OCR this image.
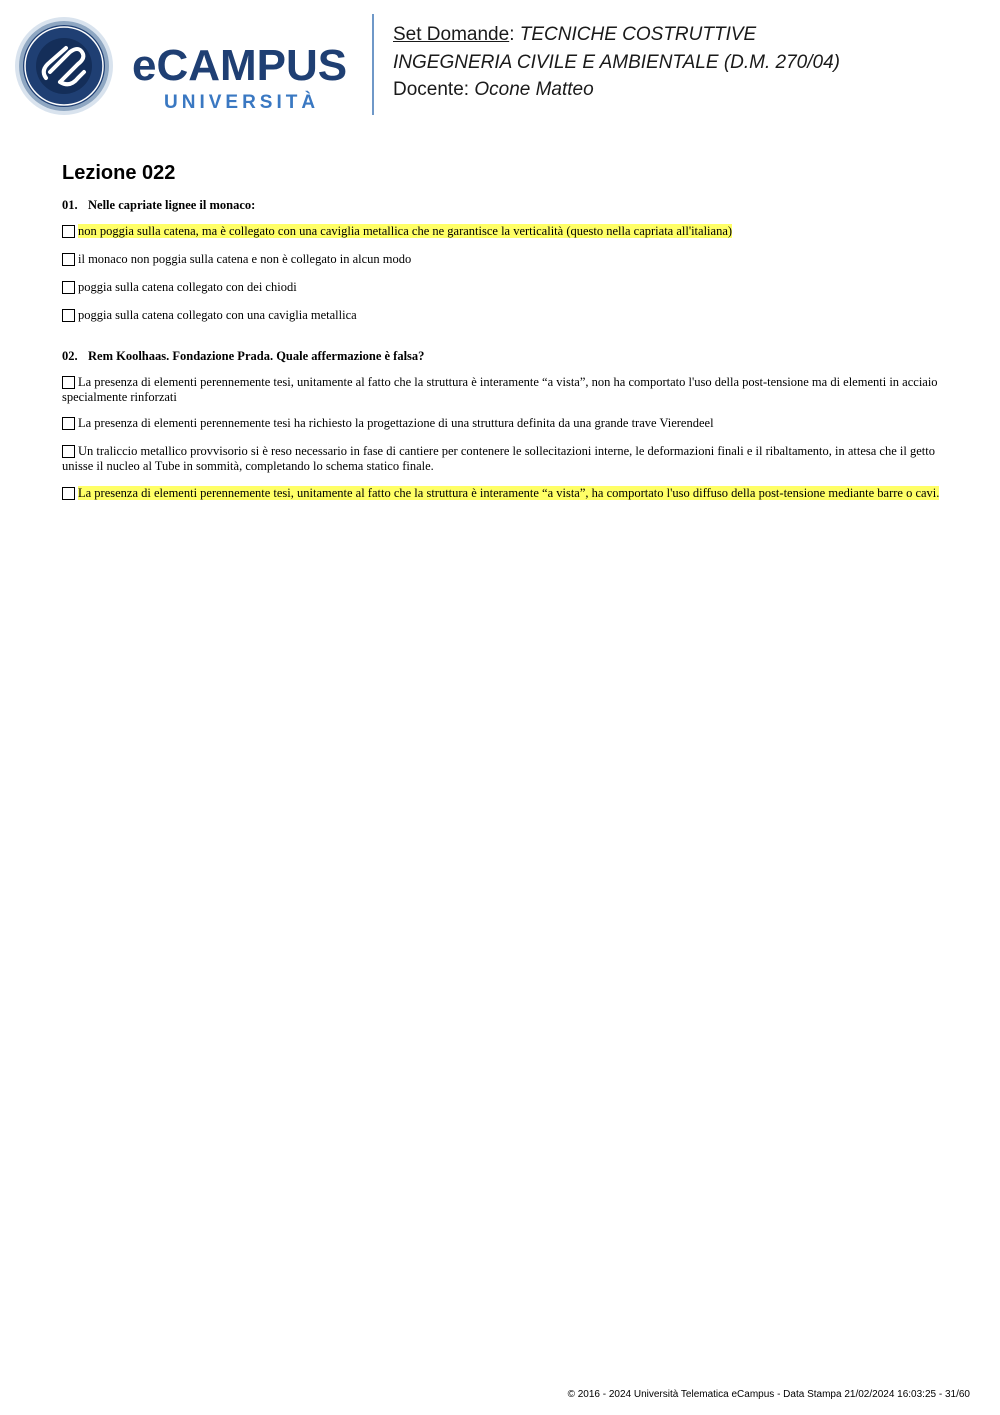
eCAMPUS
UNIVERSITÀ
Set Domande: TECNICHE COSTRUTTIVE
INGEGNERIA CIVILE E AMBIENTALE (D.M. 270/04)
Docente: Ocone Matteo
Lezione 022
01. Nelle capriate lignee il monaco:
non poggia sulla catena, ma è collegato con una caviglia metallica che ne garantisce la verticalità (questo nella capriata all'italiana)
il monaco non poggia sulla catena e non è collegato in alcun modo
poggia sulla catena collegato con dei chiodi
poggia sulla catena collegato con una caviglia metallica
02. Rem Koolhaas. Fondazione Prada. Quale affermazione è falsa?
La presenza di elementi perennemente tesi, unitamente al fatto che la struttura è interamente “a vista”, non ha comportato l'uso della post-tensione ma di elementi in acciaio specialmente rinforzati
La presenza di elementi perennemente tesi ha richiesto la progettazione di una struttura definita da una grande trave Vierendeel
Un traliccio metallico provvisorio si è reso necessario in fase di cantiere per contenere le sollecitazioni interne, le deformazioni finali e il ribaltamento, in attesa che il getto unisse il nucleo al Tube in sommità, completando lo schema statico finale.
La presenza di elementi perennemente tesi, unitamente al fatto che la struttura è interamente “a vista”, ha comportato l'uso diffuso della post-tensione mediante barre o cavi.
© 2016 - 2024 Università Telematica eCampus - Data Stampa 21/02/2024 16:03:25 - 31/60
